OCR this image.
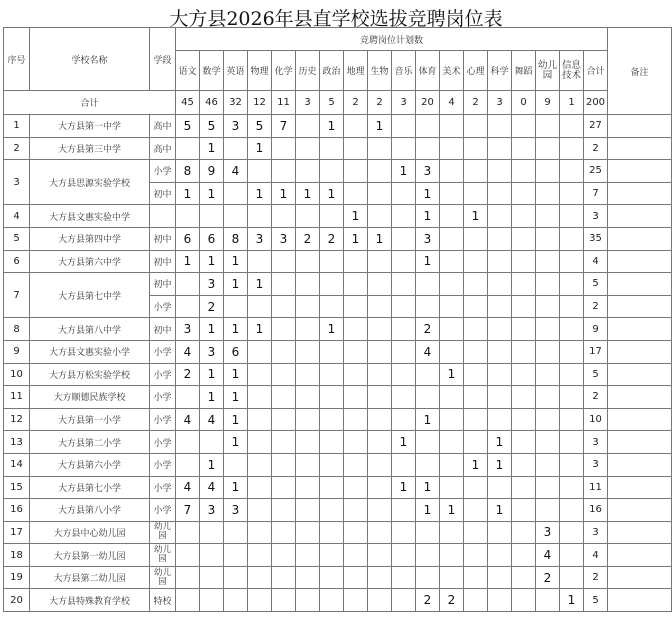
大方县2026年县直学校选拔竞聘岗位表
序号	学校名称	学段	竞聘岗位计划数																		备注
			语文	数学	英语	物理	化学	历史	政治	地理	生物	音乐	体育	美术	心理	科学	舞蹈	幼儿园	信息技术	合计	

合计			45	46	32	12	11	3	5	2	2	3	20	4	2	3	0	9	1	200	
1	大方县第一中学	高中	5	5	3	5	7		1		1									27	
2	大方县第三中学	高中		1		1														2	
3	大方县思源实验学校	小学	8	9	4							1	3							25	
		初中	1	1		1	1	1	1				1							7	
4	大方县文惠实验中学									1			1		1					3	
5	大方县第四中学	初中	6	6	8	3	3	2	2	1	1		3							35	
6	大方县第六中学	初中	1	1	1								1							4	
7	大方县第七中学	初中		3	1	1														5	
		小学		2																2	
8	大方县第八中学	初中	3	1	1	1			1				2							9	
9	大方县文惠实验小学	小学	4	3	6								4							17	
10	大方县万松实验学校	小学	2	1	1									1						5	
11	大方顺德民族学校	小学		1	1															2	
12	大方县第一小学	小学	4	4	1								1							10	
13	大方县第二小学	小学			1							1				1				3	
14	大方县第六小学	小学		1											1	1				3	
15	大方县第七小学	小学	4	4	1							1	1							11	
16	大方县第八小学	小学	7	3	3								1	1		1				16	
17	大方县中心幼儿园	幼儿园																3		3	
18	大方县第一幼儿园	幼儿园																4		4	
19	大方县第二幼儿园	幼儿园																2		2	
20	大方县特殊教育学校	特校											2	2					1	5	
